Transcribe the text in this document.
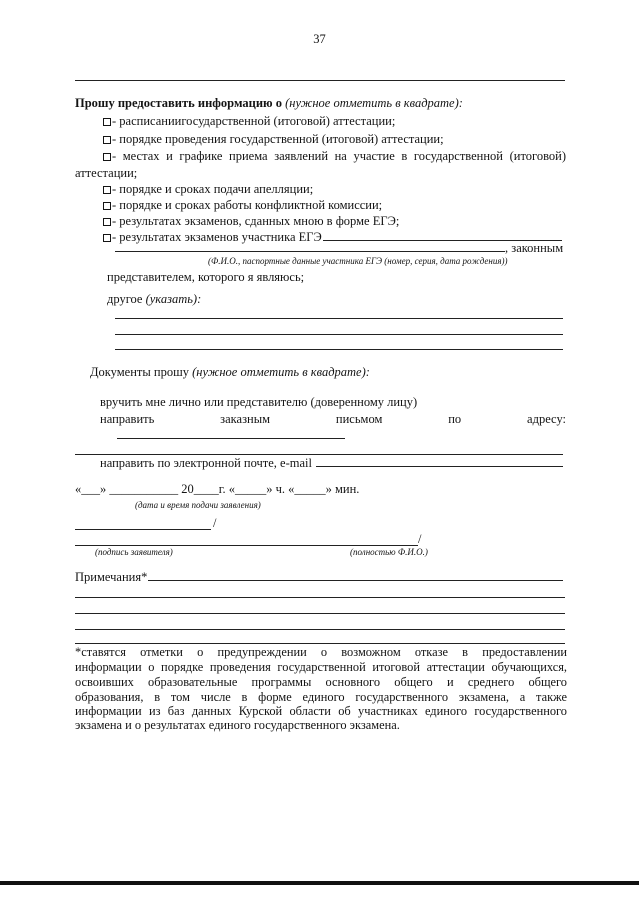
37
Прошу предоставить информацию о (нужное отметить в квадрате):
- расписаниигосударственной (итоговой) аттестации;
- порядке проведения государственной (итоговой) аттестации;
- местах и графике приема заявлений на участие в государственной (итоговой)
аттестации;
- порядке и сроках подачи апелляции;
- порядке и сроках работы конфликтной комиссии;
- результатах экзаменов, сданных мною в форме ЕГЭ;
- результатах экзаменов участника ЕГЭ
, законным
(Ф.И.О., паспортные данные участника ЕГЭ (номер, серия, дата рождения))
представителем, которого я являюсь;
другое (указать):
Документы прошу (нужное отметить в квадрате):
вручить мне лично или представителю (доверенному лицу)
направить заказным письмом по адресу:
направить по электронной почте, e-mail
«___» ___________ 20____г. «_____» ч. «_____» мин.
(дата и время подачи заявления)
/
/
(подпись заявителя)	(полностью Ф.И.О.)
Примечания*
*ставятся отметки о предупреждении о возможном отказе в предоставлении
информации о порядке проведения государственной итоговой аттестации обучающихся,
освоивших образовательные программы основного общего и среднего общего
образования, в том числе в форме единого государственного экзамена, а также
информации из баз данных Курской области об участниках единого государственного
экзамена и о результатах единого государственного экзамена.
